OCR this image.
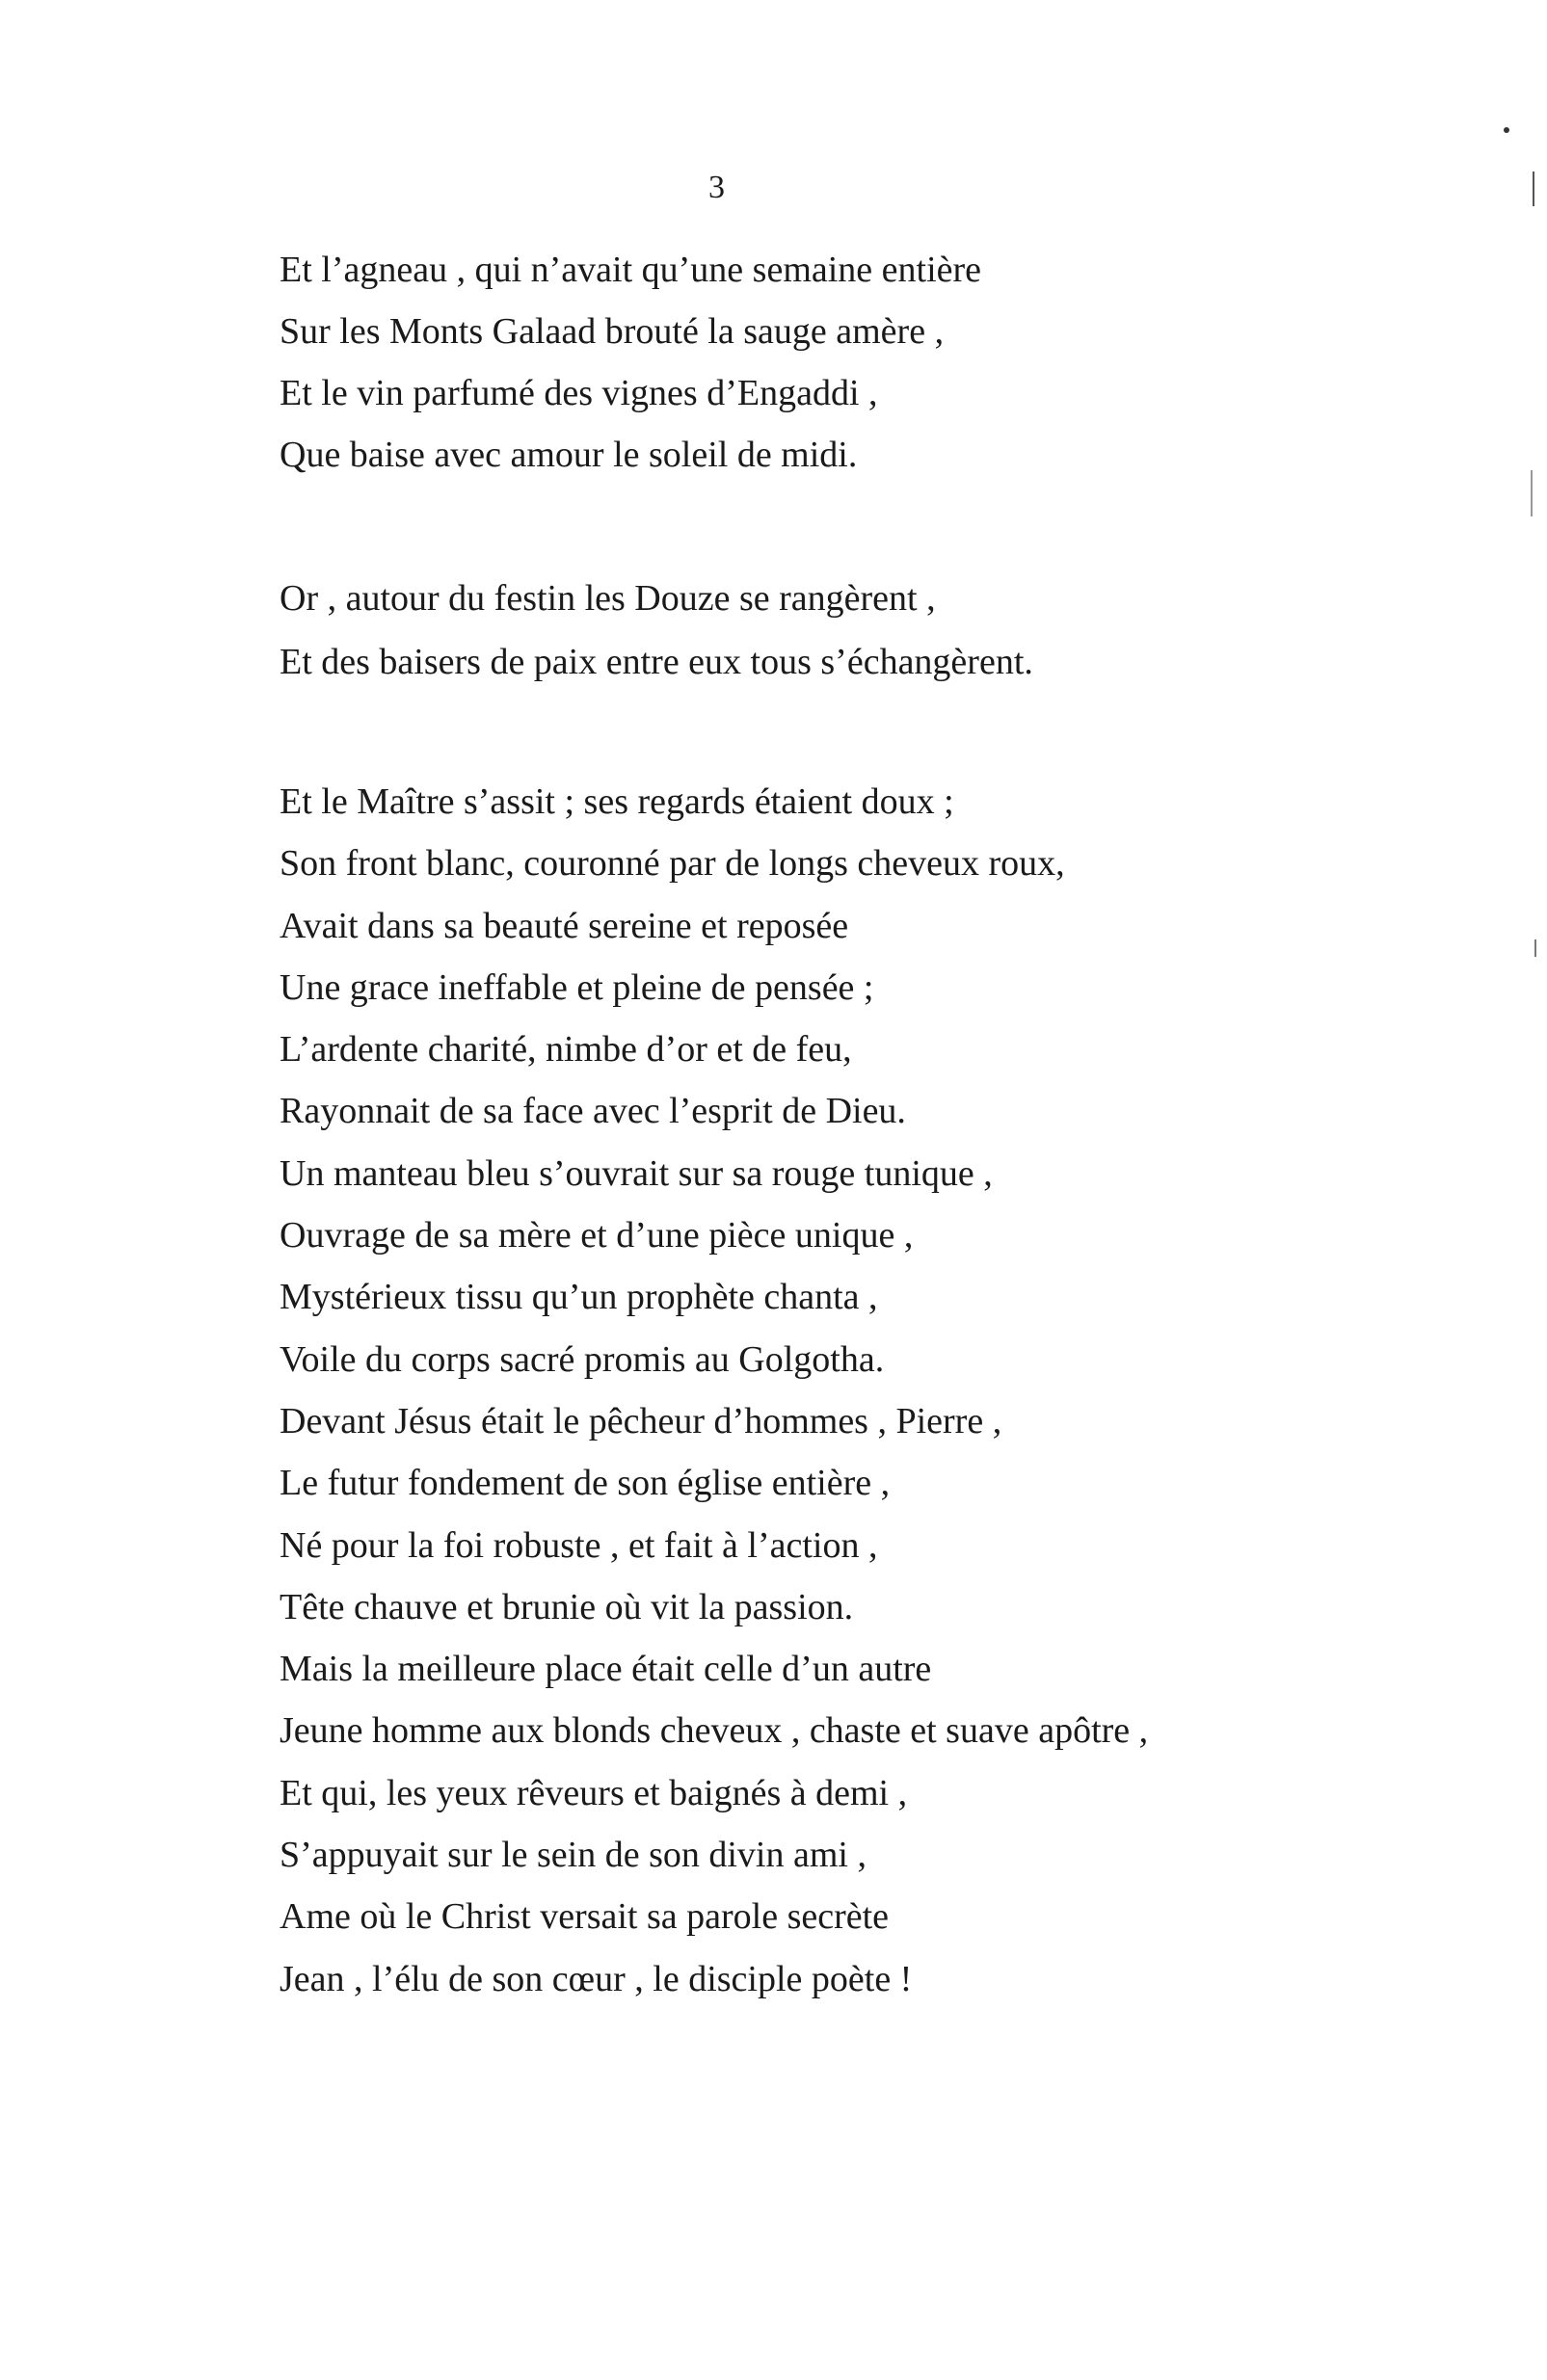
3
Et l’agneau , qui n’avait qu’une semaine entière
Sur les Monts Galaad brouté la sauge amère ,
Et le vin parfumé des vignes d’Engaddi ,
Que baise avec amour le soleil de midi.
Or , autour du festin les Douze se rangèrent ,
Et des baisers de paix entre eux tous s’échangèrent.
Et le Maître s’assit ; ses regards étaient doux ;
Son front blanc, couronné par de longs cheveux roux,
Avait dans sa beauté sereine et reposée
Une grace ineffable et pleine de pensée ;
L’ardente charité, nimbe d’or et de feu,
Rayonnait de sa face avec l’esprit de Dieu.
Un manteau bleu s’ouvrait sur sa rouge tunique ,
Ouvrage de sa mère et d’une pièce unique ,
Mystérieux tissu qu’un prophète chanta ,
Voile du corps sacré promis au Golgotha.
Devant Jésus était le pêcheur d’hommes , Pierre ,
Le futur fondement de son église entière ,
Né pour la foi robuste , et fait à l’action ,
Tête chauve et brunie où vit la passion.
Mais la meilleure place était celle d’un autre
Jeune homme aux blonds cheveux , chaste et suave apôtre ,
Et qui, les yeux rêveurs et baignés à demi ,
S’appuyait sur le sein de son divin ami ,
Ame où le Christ versait sa parole secrète
Jean , l’élu de son cœur , le disciple poète !
